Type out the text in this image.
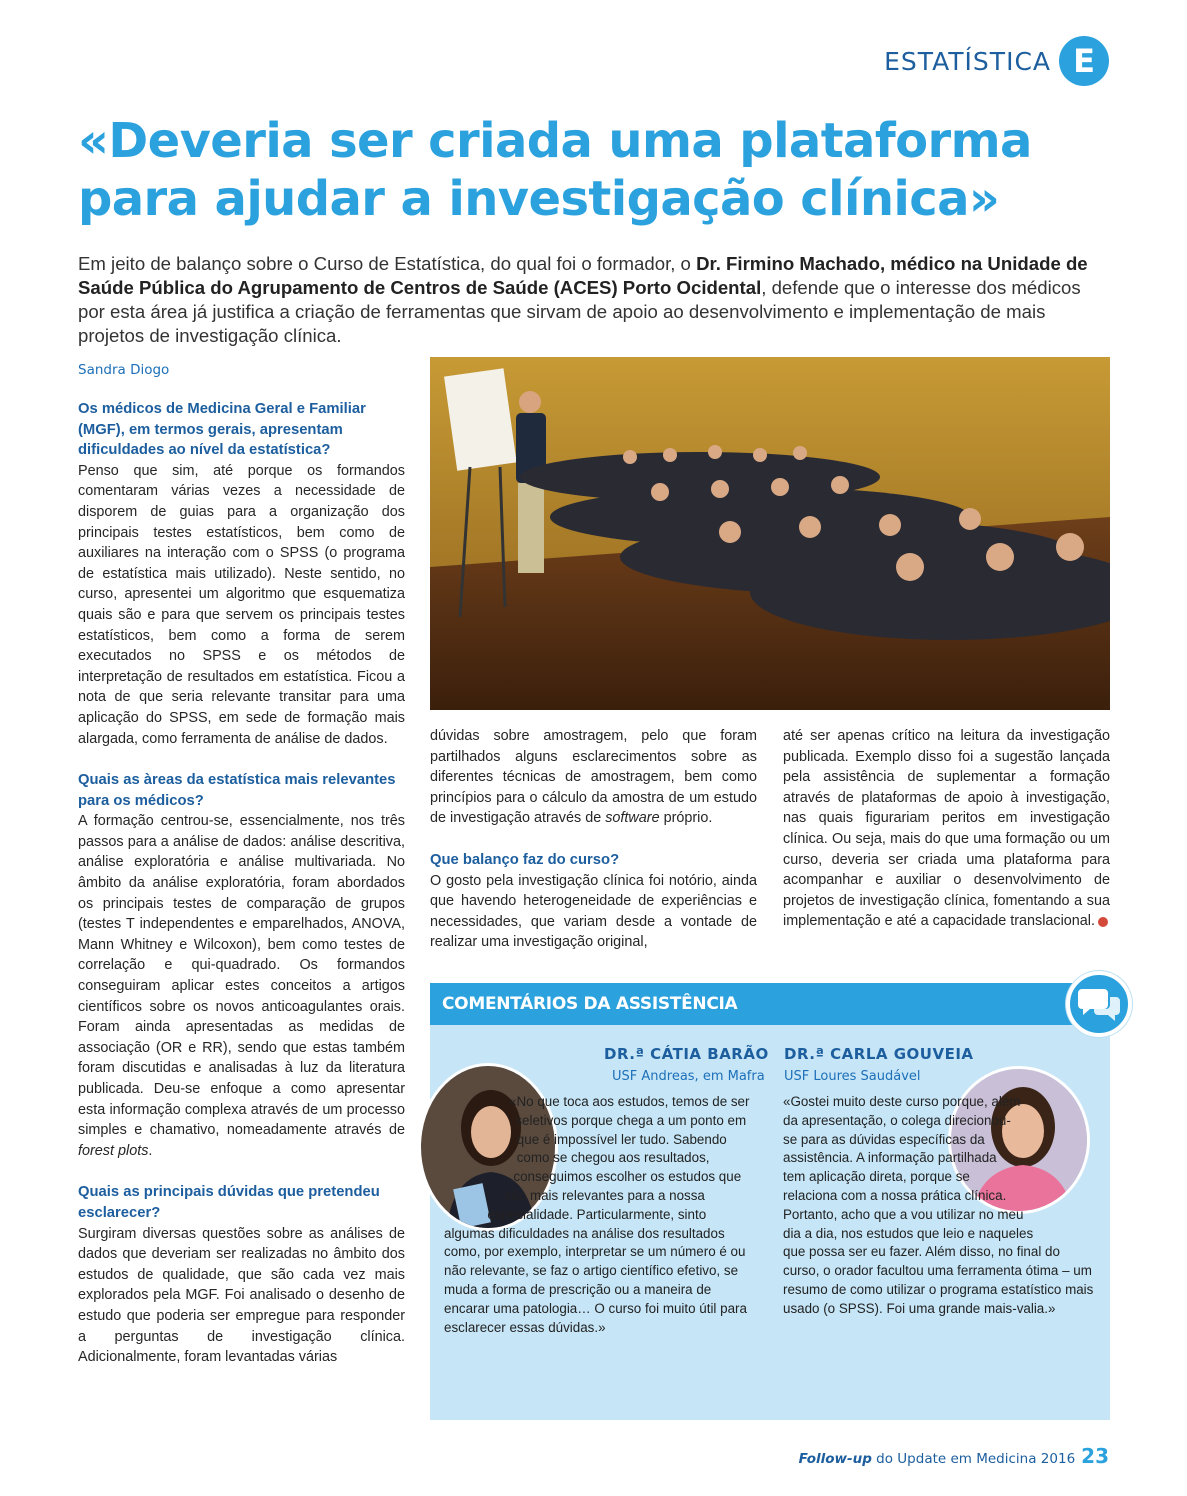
ESTATÍSTICA E
«Deveria ser criada uma plataforma
para ajudar a investigação clínica»

Em jeito de balanço sobre o Curso de Estatística, do qual foi o formador, o Dr. Firmino Machado, médico na Unidade de Saúde Pública do Agrupamento de Centros de Saúde (ACES) Porto Ocidental, defende que o interesse dos médicos por esta área já justifica a criação de ferramentas que sirvam de apoio ao desenvolvimento e implementação de mais projetos de investigação clínica.

Sandra Diogo
Os médicos de Medicina Geral e Familiar (MGF), em termos gerais, apresentam dificuldades ao nível da estatística?

Penso que sim, até porque os formandos comentaram várias vezes a necessidade de disporem de guias para a organização dos principais testes estatísticos, bem como de auxiliares na interação com o SPSS (o programa de estatística mais utilizado). Neste sentido, no curso, apresentei um algoritmo que esquematiza quais são e para que servem os principais testes estatísticos, bem como a forma de serem executados no SPSS e os métodos de interpretação de resultados em estatística. Ficou a nota de que seria relevante transitar para uma aplicação do SPSS, em sede de formação mais alargada, como ferramenta de análise de dados.

Quais as àreas da estatística mais relevantes para os médicos?

A formação centrou-se, essencialmente, nos três passos para a análise de dados: análise descritiva, análise exploratória e análise multivariada. No âmbito da análise exploratória, foram abordados os principais testes de comparação de grupos (testes T independentes e emparelhados, ANOVA, Mann Whitney e Wilcoxon), bem como testes de correlação e qui-quadrado. Os formandos conseguiram aplicar estes conceitos a artigos científicos sobre os novos anticoagulantes orais. Foram ainda apresentadas as medidas de associação (OR e RR), sendo que estas também foram discutidas e analisadas à luz da literatura publicada. Deu-se enfoque a como apresentar esta informação complexa através de um processo simples e chamativo, nomeadamente através de forest plots.

Quais as principais dúvidas que pretendeu esclarecer?

Surgiram diversas questões sobre as análises de dados que deveriam ser realizadas no âmbito dos estudos de qualidade, que são cada vez mais explorados pela MGF. Foi analisado o desenho de estudo que poderia ser empregue para responder a perguntas de investigação clínica. Adicionalmente, foram levantadas várias

dúvidas sobre amostragem, pelo que foram partilhados alguns esclarecimentos sobre as diferentes técnicas de amostragem, bem como princípios para o cálculo da amostra de um estudo de investigação através de software próprio.

Que balanço faz do curso?

O gosto pela investigação clínica foi notório, ainda que havendo heterogeneidade de experiências e necessidades, que variam desde a vontade de realizar uma investigação original,

até ser apenas crítico na leitura da investigação publicada. Exemplo disso foi a sugestão lançada pela assistência de suplementar a formação através de plataformas de apoio à investigação, nas quais figurariam peritos em investigação clínica. Ou seja, mais do que uma formação ou um curso, deveria ser criada uma plataforma para acompanhar e auxiliar o desenvolvimento de projetos de investigação clínica, fomentando a sua implementação e até a capacidade translacional.

COMENTÁRIOS DA ASSISTÊNCIA
DR.ª CÁTIA BARÃO
USF Andreas, em Mafra
«No que toca aos estudos, temos de ser seletivos porque chega a um ponto em que é impossível ler tudo. Sabendo como se chegou aos resultados, conseguimos escolher os estudos que são mais relevantes para a nossa especialidade. Particularmente, sinto algumas dificuldades na análise dos resultados como, por exemplo, interpretar se um número é ou não relevante, se faz o artigo científico efetivo, se muda a forma de prescrição ou a maneira de encarar uma patologia… O curso foi muito útil para esclarecer essas dúvidas.»
DR.ª CARLA GOUVEIA
USF Loures Saudável
«Gostei muito deste curso porque, além da apresentação, o colega direcionou-se para as dúvidas específicas da assistência. A informação partilhada tem aplicação direta, porque se relaciona com a nossa prática clínica. Portanto, acho que a vou utilizar no meu dia a dia, nos estudos que leio e naqueles que possa ser eu fazer. Além disso, no final do curso, o orador facultou uma ferramenta ótima – um resumo de como utilizar o programa estatístico mais usado (o SPSS). Foi uma grande mais-valia.»
Follow-up do Update em Medicina 2016 23
